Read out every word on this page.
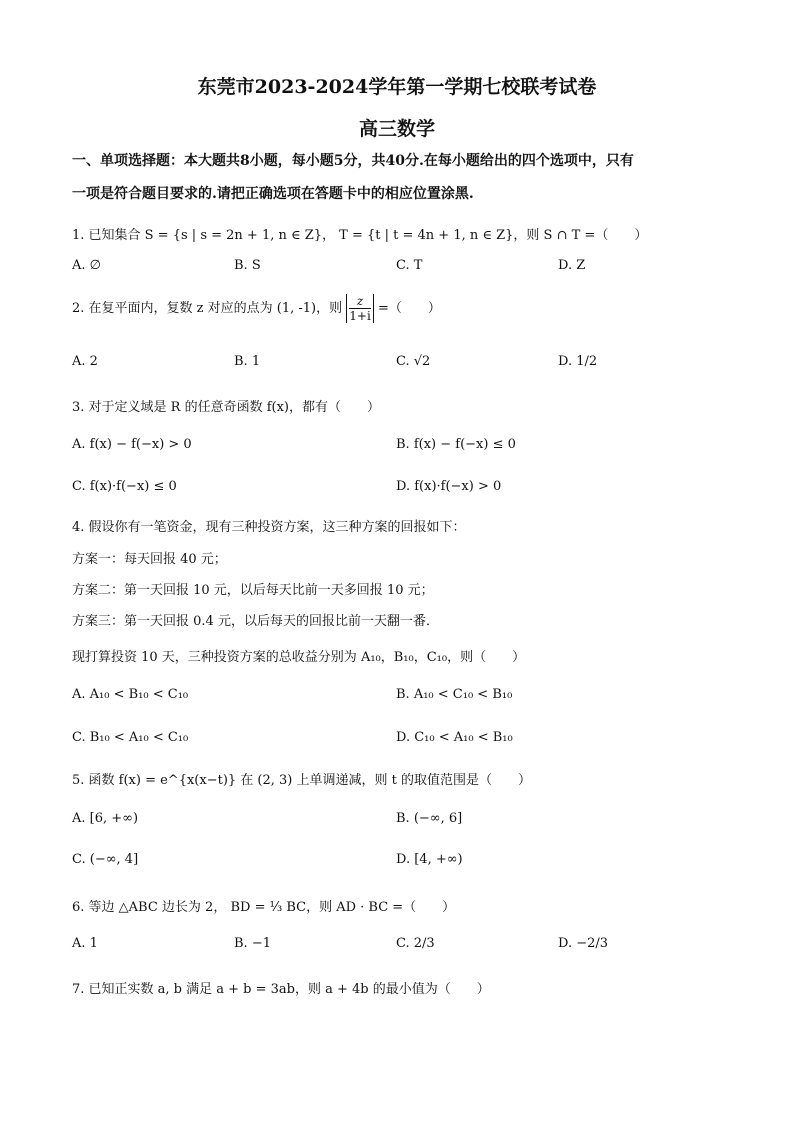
东莞市2023-2024学年第一学期七校联考试卷
高三数学
一、单项选择题：本大题共8小题，每小题5分，共40分.在每小题给出的四个选项中，只有
一项是符合题目要求的.请把正确选项在答题卡中的相应位置涂黑.
1. 已知集合 S = {s | s = 2n + 1, n ∈ Z}， T = {t | t = 4n + 1, n ∈ Z}，则 S ∩ T =（　　）
A. ∅	B. S	C. T	D. Z
2. 在复平面内，复数 z 对应的点为 (1, -1)，则 $\frac{z}{1+i}$ =（　　）
A. 2	B. 1	C. √2	D. 1/2
3. 对于定义域是 R 的任意奇函数 f(x)，都有（　　）
A. f(x) − f(−x) > 0	B. f(x) − f(−x) ≤ 0
C. f(x)·f(−x) ≤ 0	D. f(x)·f(−x) > 0
4. 假设你有一笔资金，现有三种投资方案，这三种方案的回报如下：
方案一：每天回报 40 元；
方案二：第一天回报 10 元，以后每天比前一天多回报 10 元；
方案三：第一天回报 0.4 元，以后每天的回报比前一天翻一番．
现打算投资 10 天，三种投资方案的总收益分别为 A₁₀，B₁₀，C₁₀，则（　　）
A. A₁₀ < B₁₀ < C₁₀	B. A₁₀ < C₁₀ < B₁₀
C. B₁₀ < A₁₀ < C₁₀	D. C₁₀ < A₁₀ < B₁₀
5. 函数 f(x) = e^{x(x−t)} 在 (2, 3) 上单调递减，则 t 的取值范围是（　　）
A. [6, +∞)	B. (−∞, 6]
C. (−∞, 4]	D. [4, +∞)
6. 等边 △ABC 边长为 2， BD = ⅓ BC，则 AD · BC =（　　）
A. 1	B. −1	C. 2/3	D. −2/3
7. 已知正实数 a, b 满足 a + b = 3ab，则 a + 4b 的最小值为（　　）
